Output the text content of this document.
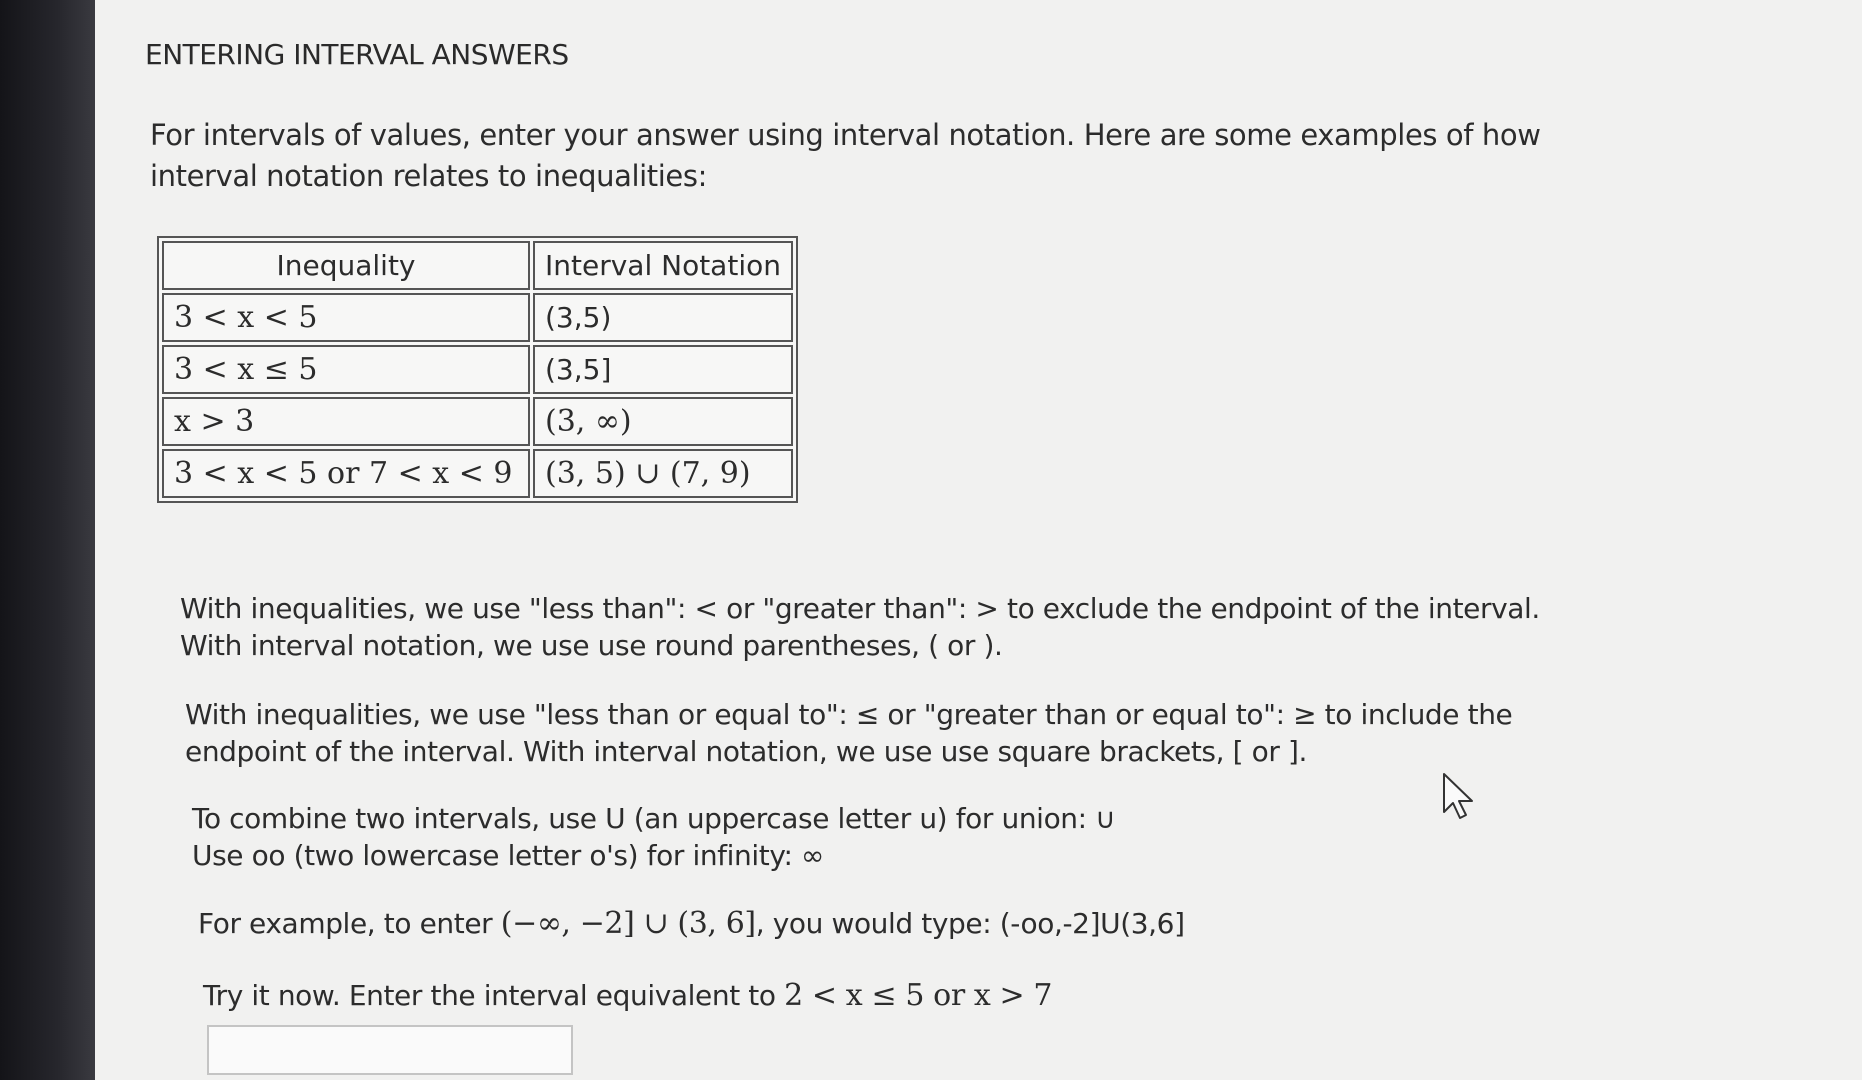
ENTERING INTERVAL ANSWERS
For intervals of values, enter your answer using interval notation. Here are some examples of how interval notation relates to inequalities:
Inequality	Interval Notation
3 < x < 5	(3,5)
3 < x ≤ 5	(3,5]
x > 3	(3, ∞)
3 < x < 5 or 7 < x < 9	(3, 5) ∪ (7, 9)
With inequalities, we use "less than": < or "greater than": > to exclude the endpoint of the interval.
With interval notation, we use use round parentheses, ( or ).
With inequalities, we use "less than or equal to": ≤ or "greater than or equal to": ≥ to include the
endpoint of the interval. With interval notation, we use use square brackets, [ or ].
To combine two intervals, use U (an uppercase letter u) for union: ∪
Use oo (two lowercase letter o's) for infinity: ∞
For example, to enter (−∞, −2] ∪ (3, 6], you would type: (-oo,-2]U(3,6]
Try it now. Enter the interval equivalent to 2 < x ≤ 5 or x > 7
